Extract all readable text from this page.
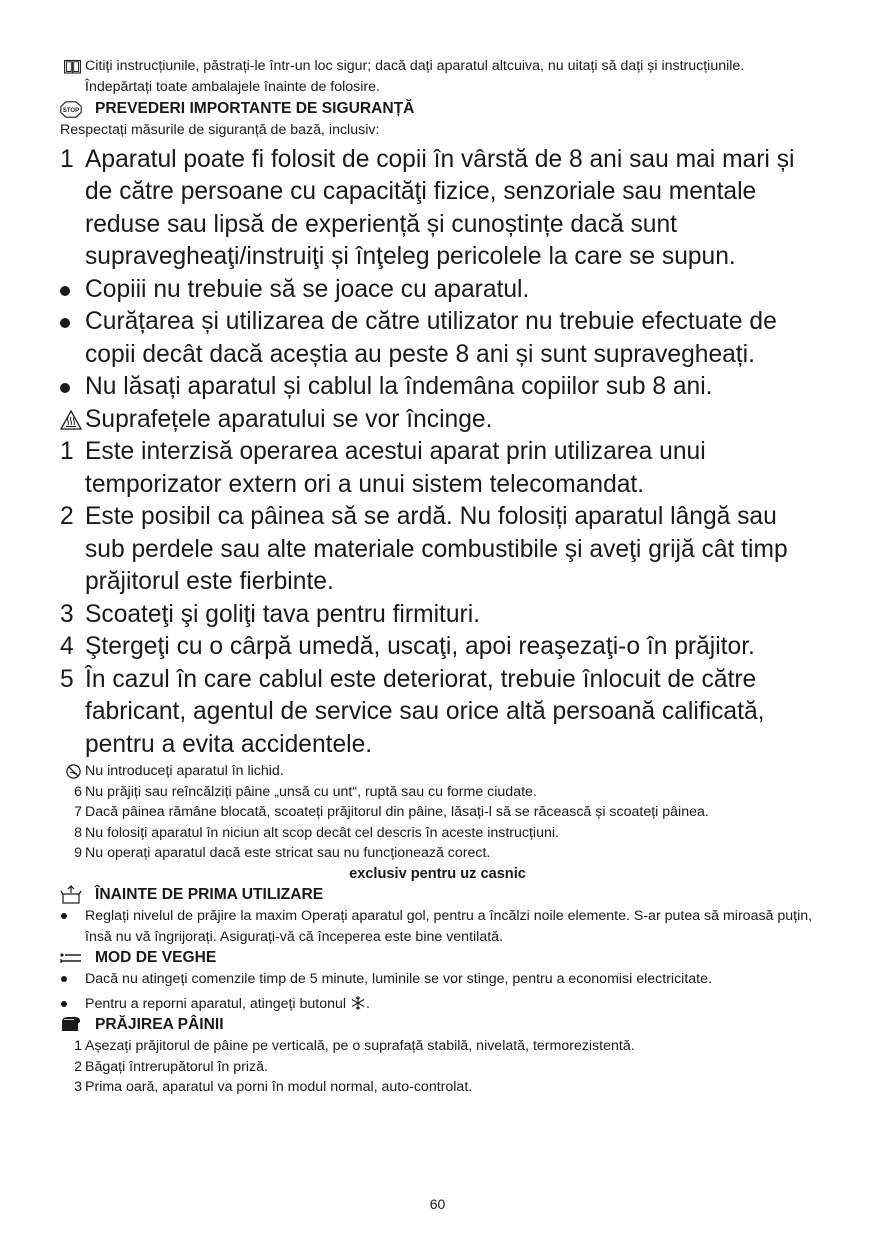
Citiți instrucțiunile, păstrați-le într-un loc sigur; dacă dați aparatul altcuiva, nu uitați să dați și instrucțiunile. Îndepărtați toate ambalajele înainte de folosire.
STOP PREVEDERI IMPORTANTE DE SIGURANȚĂ
Respectați măsurile de siguranță de bază, inclusiv:
1 Aparatul poate fi folosit de copii în vârstă de 8 ani sau mai mari și de către persoane cu capacităţi fizice, senzoriale sau mentale reduse sau lipsă de experiență și cunoștințe dacă sunt supravegheaţi/instruiţi și înţeleg pericolele la care se supun.
Copiii nu trebuie să se joace cu aparatul.
Curățarea și utilizarea de către utilizator nu trebuie efectuate de copii decât dacă aceștia au peste 8 ani și sunt supravegheați.
Nu lăsați aparatul și cablul la îndemâna copiilor sub 8 ani.
Suprafețele aparatului se vor încinge.
1 Este interzisă operarea acestui aparat prin utilizarea unui temporizator extern ori a unui sistem telecomandat.
2 Este posibil ca pâinea să se ardă. Nu folosiți aparatul lângă sau sub perdele sau alte materiale combustibile şi aveţi grijă cât timp prăjitorul este fierbinte.
3 Scoateţi şi goliţi tava pentru firmituri.
4 Ştergeţi cu o cârpă umedă, uscaţi, apoi reaşezaţi-o în prăjitor.
5 În cazul în care cablul este deteriorat, trebuie înlocuit de către fabricant, agentul de service sau orice altă persoană calificată, pentru a evita accidentele.
Nu introduceți aparatul în lichid.
6 Nu prăjiți sau reîncălziți pâine „unsă cu unt“, ruptă sau cu forme ciudate.
7 Dacă pâinea rămâne blocată, scoateți prăjitorul din pâine, lăsați-l să se răcească și scoateți pâinea.
8 Nu folosiți aparatul în niciun alt scop decât cel descris în aceste instrucțiuni.
9 Nu operați aparatul dacă este stricat sau nu funcționează corect.
exclusiv pentru uz casnic
ÎNAINTE DE PRIMA UTILIZARE
Reglați nivelul de prăjire la maxim Operați aparatul gol, pentru a încălzi noile elemente. S-ar putea să miroasă puțin, însă nu vă îngrijorați. Asigurați-vă că începerea este bine ventilată.
MOD DE VEGHE
Dacă nu atingeți comenzile timp de 5 minute, luminile se vor stinge, pentru a economisi electricitate.
Pentru a reporni aparatul, atingeți butonul .
PRĂJIREA PÂINII
1 Așezați prăjitorul de pâine pe verticală, pe o suprafață stabilă, nivelată, termorezistentă.
2 Băgați întrerupătorul în priză.
3 Prima oară, aparatul va porni în modul normal, auto-controlat.
60
